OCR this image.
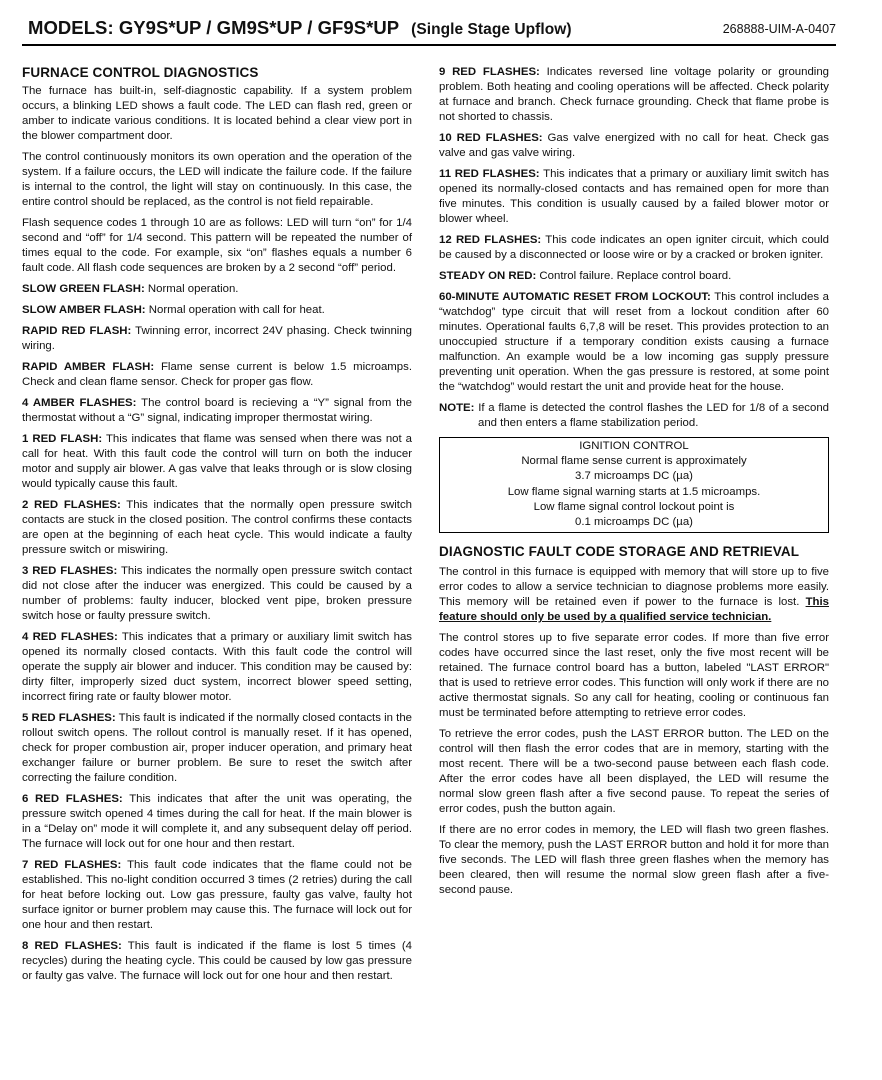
MODELS: GY9S*UP / GM9S*UP / GF9S*UP (Single Stage Upflow)	268888-UIM-A-0407
FURNACE CONTROL DIAGNOSTICS

The furnace has built-in, self-diagnostic capability. If a system problem occurs, a blinking LED shows a fault code. The LED can flash red, green or amber to indicate various conditions. It is located behind a clear view port in the blower compartment door.

The control continuously monitors its own operation and the operation of the system. If a failure occurs, the LED will indicate the failure code. If the failure is internal to the control, the light will stay on continuously. In this case, the entire control should be replaced, as the control is not field repairable.

Flash sequence codes 1 through 10 are as follows: LED will turn “on” for 1/4 second and “off” for 1/4 second. This pattern will be repeated the number of times equal to the code. For example, six “on” flashes equals a number 6 fault code. All flash code sequences are broken by a 2 second “off” period.

SLOW GREEN FLASH: Normal operation.

SLOW AMBER FLASH: Normal operation with call for heat.

RAPID RED FLASH: Twinning error, incorrect 24V phasing. Check twinning wiring.

RAPID AMBER FLASH: Flame sense current is below 1.5 microamps. Check and clean flame sensor. Check for proper gas flow.

4 AMBER FLASHES: The control board is recieving a “Y” signal from the thermostat without a “G” signal, indicating improper thermostat wiring.

1 RED FLASH: This indicates that flame was sensed when there was not a call for heat. With this fault code the control will turn on both the inducer motor and supply air blower. A gas valve that leaks through or is slow closing would typically cause this fault.

2 RED FLASHES: This indicates that the normally open pressure switch contacts are stuck in the closed position. The control confirms these contacts are open at the beginning of each heat cycle. This would indicate a faulty pressure switch or miswiring.

3 RED FLASHES: This indicates the normally open pressure switch contact did not close after the inducer was energized. This could be caused by a number of problems: faulty inducer, blocked vent pipe, broken pressure switch hose or faulty pressure switch.

4 RED FLASHES: This indicates that a primary or auxiliary limit switch has opened its normally closed contacts. With this fault code the control will operate the supply air blower and inducer. This condition may be caused by: dirty filter, improperly sized duct system, incorrect blower speed setting, incorrect firing rate or faulty blower motor.

5 RED FLASHES: This fault is indicated if the normally closed contacts in the rollout switch opens. The rollout control is manually reset. If it has opened, check for proper combustion air, proper inducer operation, and primary heat exchanger failure or burner problem. Be sure to reset the switch after correcting the failure condition.

6 RED FLASHES: This indicates that after the unit was operating, the pressure switch opened 4 times during the call for heat. If the main blower is in a “Delay on” mode it will complete it, and any subsequent delay off period. The furnace will lock out for one hour and then restart.

7 RED FLASHES: This fault code indicates that the flame could not be established. This no-light condition occurred 3 times (2 retries) during the call for heat before locking out. Low gas pressure, faulty gas valve, faulty hot surface ignitor or burner problem may cause this. The furnace will lock out for one hour and then restart.

8 RED FLASHES: This fault is indicated if the flame is lost 5 times (4 recycles) during the heating cycle. This could be caused by low gas pressure or faulty gas valve. The furnace will lock out for one hour and then restart.

9 RED FLASHES: Indicates reversed line voltage polarity or grounding problem. Both heating and cooling operations will be affected. Check polarity at furnace and branch. Check furnace grounding. Check that flame probe is not shorted to chassis.

10 RED FLASHES: Gas valve energized with no call for heat. Check gas valve and gas valve wiring.

11 RED FLASHES: This indicates that a primary or auxiliary limit switch has opened its normally-closed contacts and has remained open for more than five minutes. This condition is usually caused by a failed blower motor or blower wheel.

12 RED FLASHES: This code indicates an open igniter circuit, which could be caused by a disconnected or loose wire or by a cracked or broken igniter.

STEADY ON RED: Control failure. Replace control board.

60-MINUTE AUTOMATIC RESET FROM LOCKOUT: This control includes a “watchdog” type circuit that will reset from a lockout condition after 60 minutes. Operational faults 6,7,8 will be reset. This provides protection to an unoccupied structure if a temporary condition exists causing a furnace malfunction. An example would be a low incoming gas supply pressure preventing unit operation. When the gas pressure is restored, at some point the “watchdog” would restart the unit and provide heat for the house.

NOTE: If a flame is detected the control flashes the LED for 1/8 of a second and then enters a flame stabilization period.

IGNITION CONTROL
Normal flame sense current is approximately
3.7 microamps DC (µa)
Low flame signal warning starts at 1.5 microamps.
Low flame signal control lockout point is
0.1 microamps DC (µa)
DIAGNOSTIC FAULT CODE STORAGE AND RETRIEVAL

The control in this furnace is equipped with memory that will store up to five error codes to allow a service technician to diagnose problems more easily. This memory will be retained even if power to the furnace is lost. This feature should only be used by a qualified service technician.

The control stores up to five separate error codes. If more than five error codes have occurred since the last reset, only the five most recent will be retained. The furnace control board has a button, labeled "LAST ERROR" that is used to retrieve error codes. This function will only work if there are no active thermostat signals. So any call for heating, cooling or continuous fan must be terminated before attempting to retrieve error codes.

To retrieve the error codes, push the LAST ERROR button. The LED on the control will then flash the error codes that are in memory, starting with the most recent. There will be a two-second pause between each flash code. After the error codes have all been displayed, the LED will resume the normal slow green flash after a five second pause. To repeat the series of error codes, push the button again.

If there are no error codes in memory, the LED will flash two green flashes. To clear the memory, push the LAST ERROR button and hold it for more than five seconds. The LED will flash three green flashes when the memory has been cleared, then will resume the normal slow green flash after a five-second pause.
